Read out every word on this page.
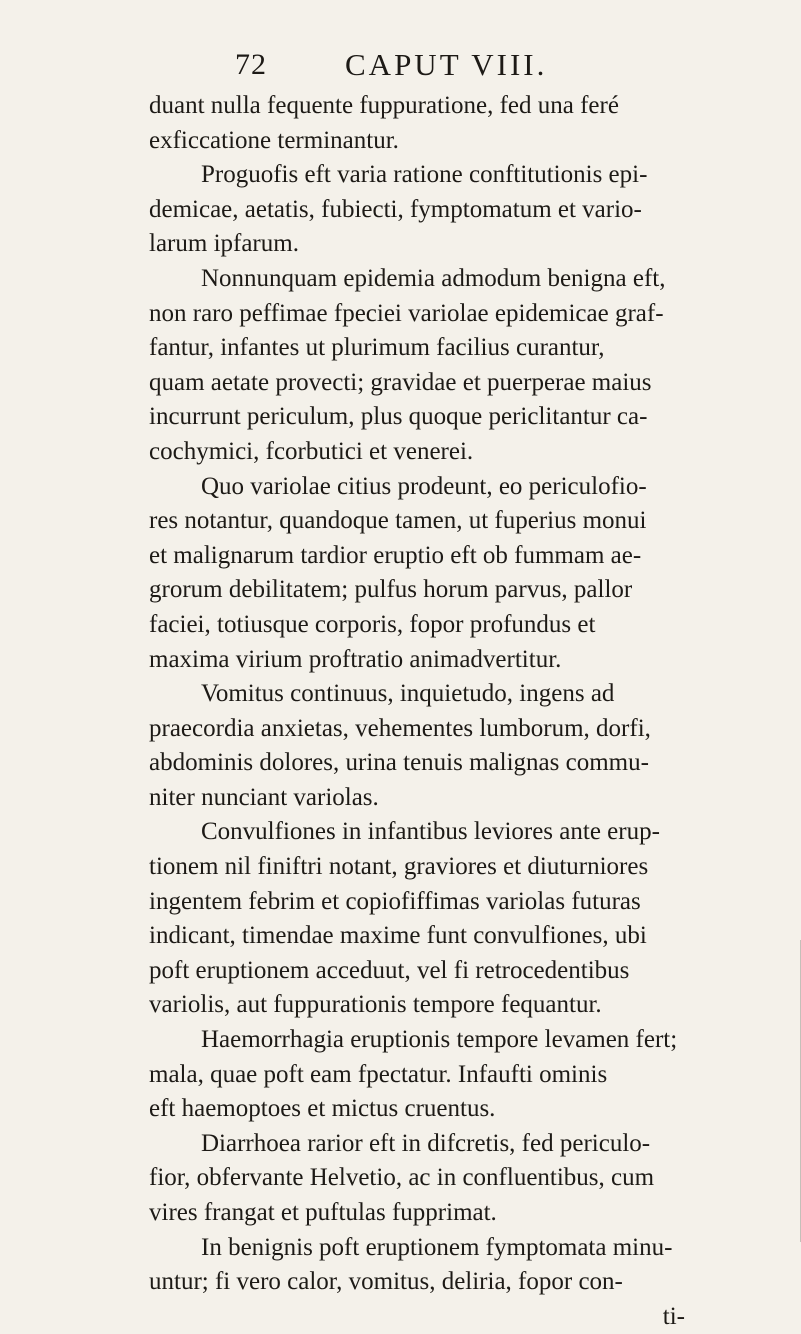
72	CAPUT VIII.
duant nulla fequente fuppuratione, fed una feré
exficcatione terminantur.
Proguofis eft varia ratione conftitutionis epi-
demicae, aetatis, fubiecti, fymptomatum et vario-
larum ipfarum.
Nonnunquam epidemia admodum benigna eft,
non raro peffimae fpeciei variolae epidemicae graf-
fantur, infantes ut plurimum facilius curantur,
quam aetate provecti; gravidae et puerperae maius
incurrunt periculum, plus quoque periclitantur ca-
cochymici, fcorbutici et venerei.
Quo variolae citius prodeunt, eo periculofio-
res notantur, quandoque tamen, ut fuperius monui
et malignarum tardior eruptio eft ob fummam ae-
grorum debilitatem; pulfus horum parvus, pallor
faciei, totiusque corporis, fopor profundus et
maxima virium proftratio animadvertitur.
Vomitus continuus, inquietudo, ingens ad
praecordia anxietas, vehementes lumborum, dorfi,
abdominis dolores, urina tenuis malignas commu-
niter nunciant variolas.
Convulfiones in infantibus leviores ante erup-
tionem nil finiftri notant, graviores et diuturniores
ingentem febrim et copiofiffimas variolas futuras
indicant, timendae maxime funt convulfiones, ubi
poft eruptionem acceduut, vel fi retrocedentibus
variolis, aut fuppurationis tempore fequantur.
Haemorrhagia eruptionis tempore levamen fert;
mala, quae poft eam fpectatur. Infaufti ominis
eft haemoptoes et mictus cruentus.
Diarrhoea rarior eft in difcretis, fed periculo-
fior, obfervante Helvetio, ac in confluentibus, cum
vires frangat et puftulas fupprimat.
In benignis poft eruptionem fymptomata minu-
untur; fi vero calor, vomitus, deliria, fopor con-
ti-
